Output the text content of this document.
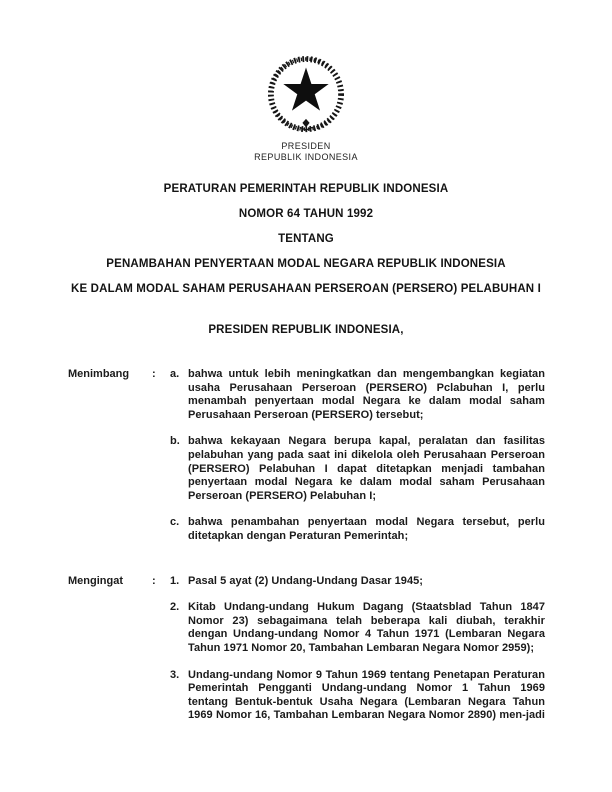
PRESIDEN
REPUBLIK INDONESIA

PERATURAN PEMERINTAH REPUBLIK INDONESIA

NOMOR 64 TAHUN 1992

TENTANG

PENAMBAHAN PENYERTAAN MODAL NEGARA REPUBLIK INDONESIA

KE DALAM MODAL SAHAM PERUSAHAAN PERSEROAN (PERSERO) PELABUHAN I

PRESIDEN REPUBLIK INDONESIA,
Menimbang	:	a. bahwa untuk lebih meningkatkan dan mengembangkan kegiatan usaha Perusahaan Perseroan (PERSERO) Pclabuhan I, perlu menambah penyertaan modal Negara ke dalam modal saham Perusahaan Perseroan (PERSERO) tersebut;

b. bahwa kekayaan Negara berupa kapal, peralatan dan fasilitas pelabuhan yang pada saat ini dikelola oleh Perusahaan Perseroan (PERSERO) Pelabuhan I dapat ditetapkan menjadi tambahan penyertaan modal Negara ke dalam modal saham Perusahaan Perseroan (PERSERO) Pelabuhan I;

c. bahwa penambahan penyertaan modal Negara tersebut, perlu ditetapkan dengan Peraturan Pemerintah;

Mengingat	:	1. Pasal 5 ayat (2) Undang-Undang Dasar 1945;

2. Kitab Undang-undang Hukum Dagang (Staatsblad Tahun 1847 Nomor 23) sebagaimana telah beberapa kali diubah, terakhir dengan Undang-undang Nomor 4 Tahun 1971 (Lembaran Negara Tahun 1971 Nomor 20, Tambahan Lembaran Negara Nomor 2959);

3. Undang-undang Nomor 9 Tahun 1969 tentang Penetapan Peraturan Pemerintah Pengganti Undang-undang Nomor 1 Tahun 1969 tentang Bentuk-bentuk Usaha Negara (Lembaran Negara Tahun 1969 Nomor 16, Tambahan Lembaran Negara Nomor 2890) men-jadi
